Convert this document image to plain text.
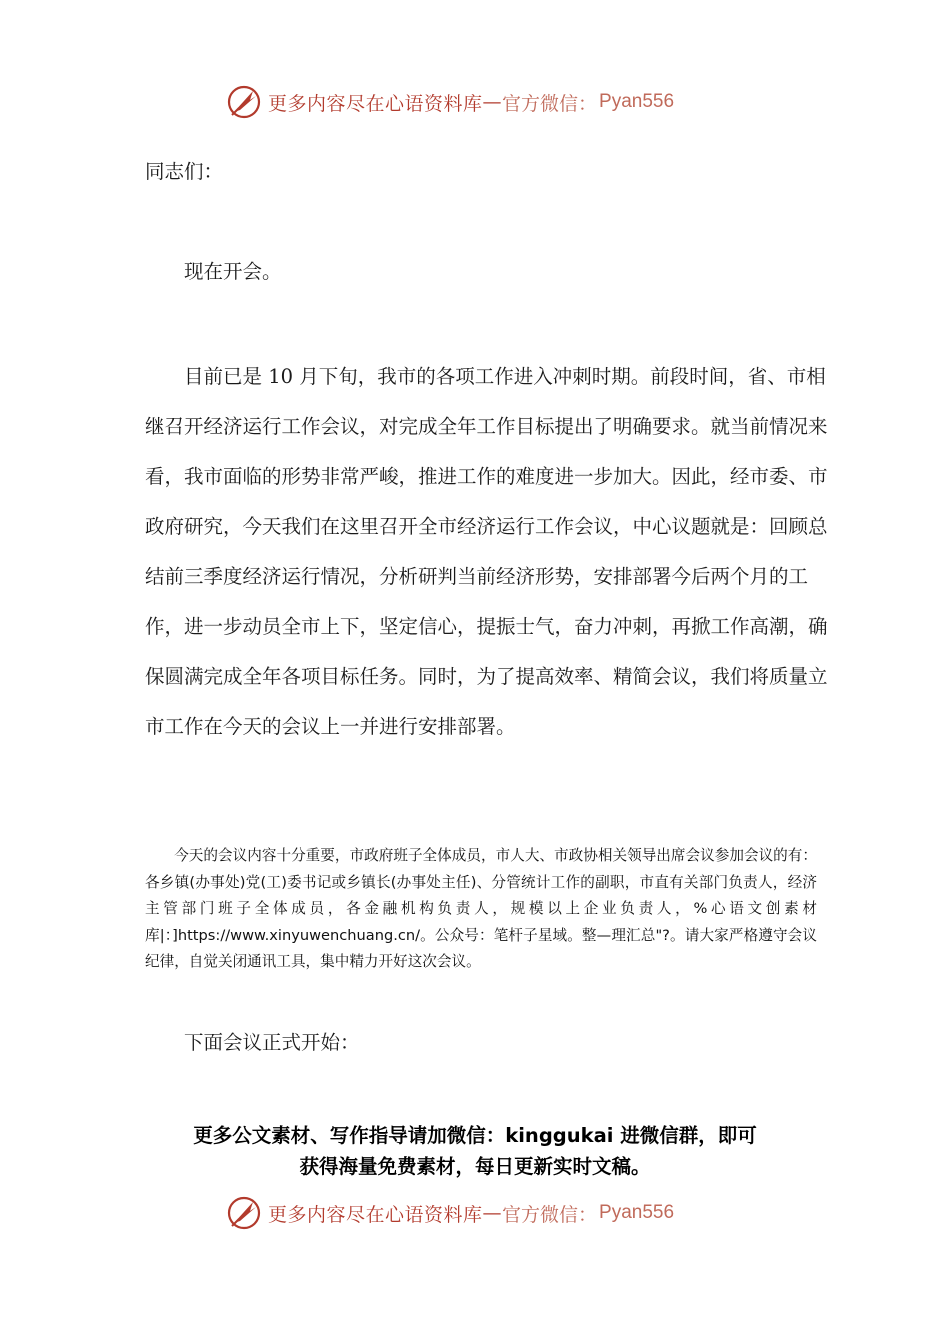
更多内容尽在心语资料库 — 官方微信： Pyan556
同志们：
现在开会。
目前已是 10 月下旬，我市的各项工作进入冲刺时期。前段时间，省、市相继召开经济运行工作会议，对完成全年工作目标提出了明确要求。就当前情况来看，我市面临的形势非常严峻，推进工作的难度进一步加大。因此，经市委、市政府研究，今天我们在这里召开全市经济运行工作会议，中心议题就是：回顾总结前三季度经济运行情况，分析研判当前经济形势，安排部署今后两个月的工作，进一步动员全市上下，坚定信心，提振士气，奋力冲刺，再掀工作高潮，确保圆满完成全年各项目标任务。同时，为了提高效率、精简会议，我们将质量立市工作在今天的会议上一并进行安排部署。
今天的会议内容十分重要，市政府班子全体成员，市人大、市政协相关领导出席会议参加会议的有：各乡镇(办事处)党(工)委书记或乡镇长(办事处主任)、分管统计工作的副职，市直有关部门负责人，经济主管部门班子全体成员，各金融机构负责人，规模以上企业负责人，%心语文创素材库|：]https://www.xinyuwenchuang.cn/。公众号：笔杆子星域。整—理汇总"?。请大家严格遵守会议纪律，自觉关闭通讯工具，集中精力开好这次会议。
下面会议正式开始：
更多公文素材、写作指导请加微信：kinggukai 进微信群，即可
获得海量免费素材，每日更新实时文稿。
更多内容尽在心语资料库 — 官方微信： Pyan556
